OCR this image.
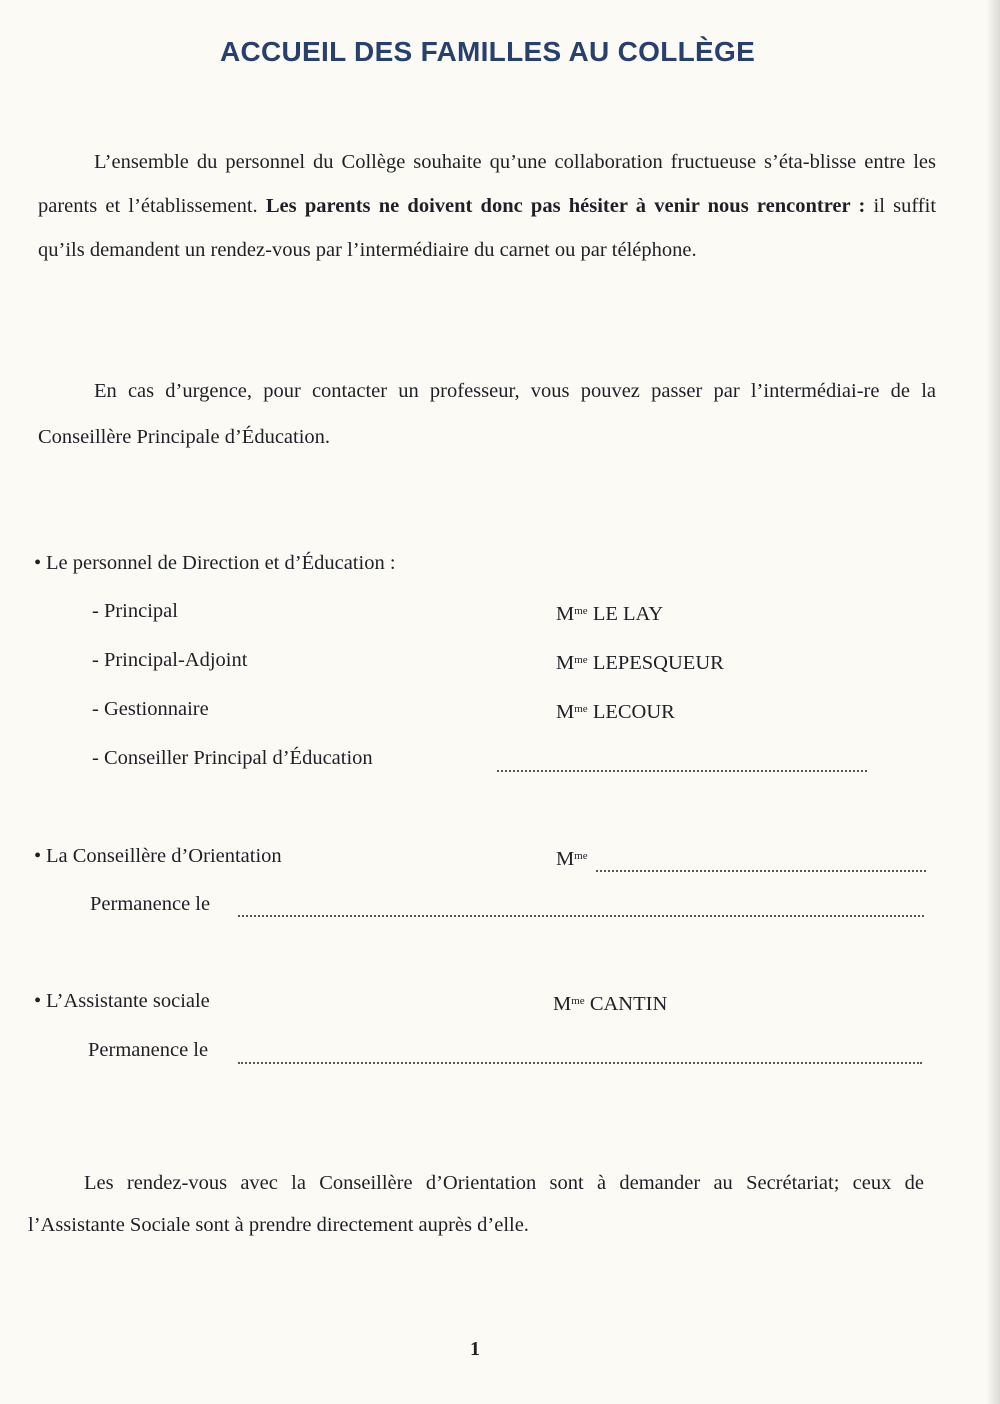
ACCUEIL DES FAMILLES AU COLLÈGE
L’ensemble du personnel du Collège souhaite qu’une collaboration fructueuse s’éta-blisse entre les parents et l’établissement. Les parents ne doivent donc pas hésiter à venir nous rencontrer : il suffit qu’ils demandent un rendez-vous par l’intermédiaire du carnet ou par téléphone.
En cas d’urgence, pour contacter un professeur, vous pouvez passer par l’intermédiai-re de la Conseillère Principale d’Éducation.
• Le personnel de Direction et d’Éducation :
- Principal	$M^{me}$ LE LAY
- Principal-Adjoint	$M^{me}$ LEPESQUEUR
- Gestionnaire	$M^{me}$ LECOUR
- Conseiller Principal d’Éducation
• La Conseillère d’Orientation	$M^{me}$
Permanence le
• L’Assistante sociale	$M^{me}$ CANTIN
Permanence le
Les rendez-vous avec la Conseillère d’Orientation sont à demander au Secrétariat; ceux de l’Assistante Sociale sont à prendre directement auprès d’elle.
1
